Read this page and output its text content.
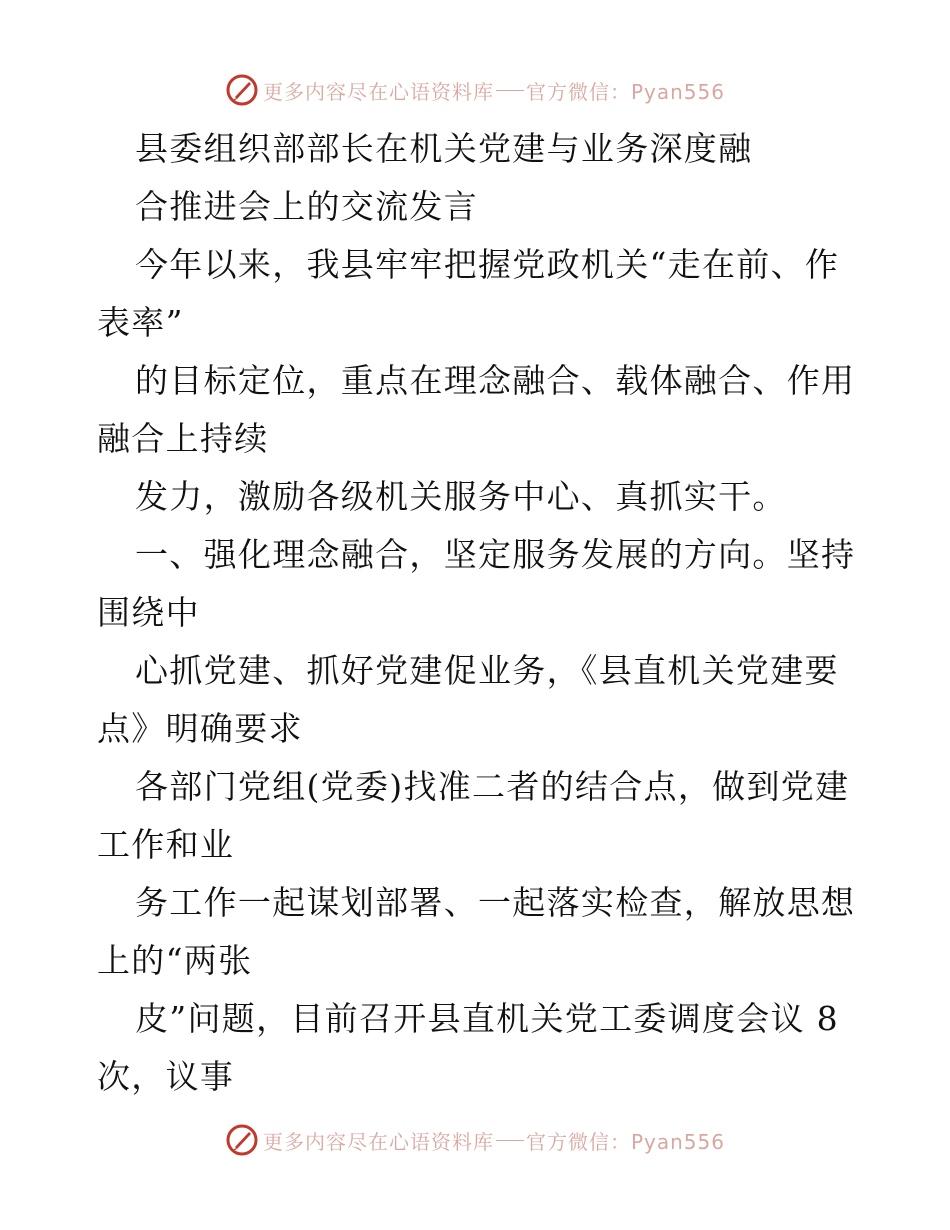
更多内容尽在心语资料库 官方微信：Pyan556
县委组织部部长在机关党建与业务深度融
合推进会上的交流发言
今年以来，我县牢牢把握党政机关“走在前、作
表率”
的目标定位，重点在理念融合、载体融合、作用
融合上持续
发力，激励各级机关服务中心、真抓实干。
一、强化理念融合，坚定服务发展的方向。坚持
围绕中
心抓党建、抓好党建促业务，《县直机关党建要
点》明确要求
各部门党组(党委)找准二者的结合点，做到党建
工作和业
务工作一起谋划部署、一起落实检查，解放思想
上的“两张
皮”问题，目前召开县直机关党工委调度会议 8
次，议事
更多内容尽在心语资料库 官方微信：Pyan556
